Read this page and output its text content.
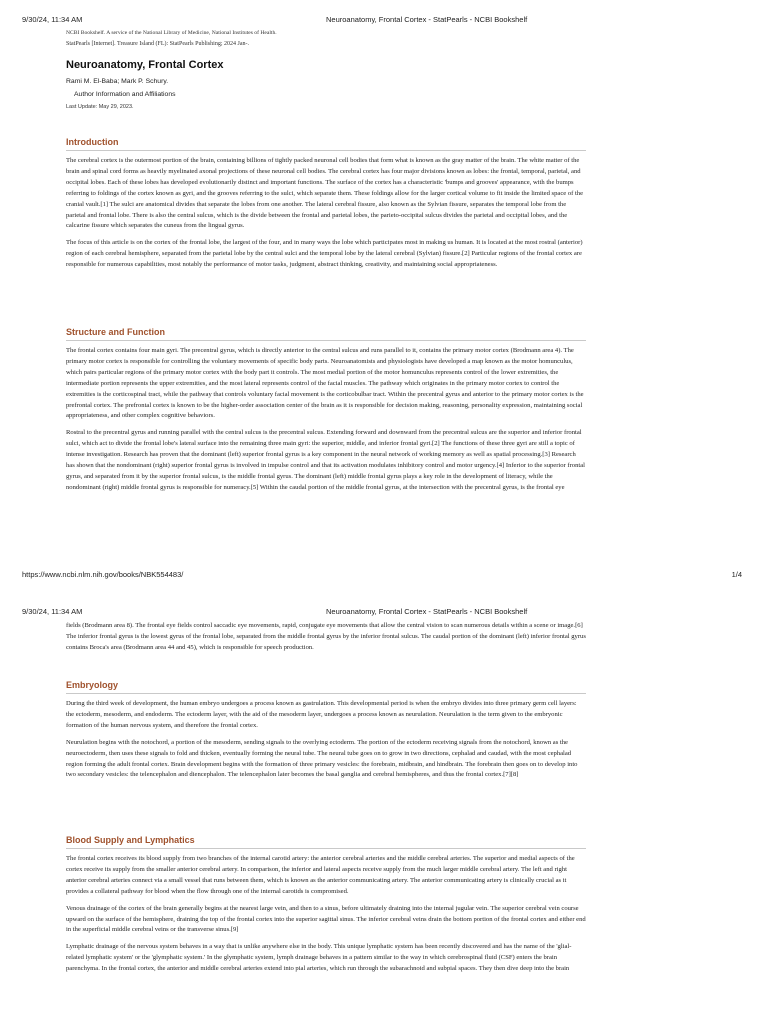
9/30/24, 11:34 AM	Neuroanatomy, Frontal Cortex - StatPearls - NCBI Bookshelf

NCBI Bookshelf. A service of the National Library of Medicine, National Institutes of Health.

StatPearls [Internet]. Treasure Island (FL): StatPearls Publishing; 2024 Jan-.

Neuroanatomy, Frontal Cortex

Rami M. El-Baba; Mark P. Schury.

Author Information and Affiliations

Last Update: May 29, 2023.

Introduction

The cerebral cortex is the outermost portion of the brain, containing billions of tightly packed neuronal cell bodies that form what is known as the gray matter of the brain. The white matter of the brain and spinal cord forms as heavily myelinated axonal projections of these neuronal cell bodies. The cerebral cortex has four major divisions known as lobes: the frontal, temporal, parietal, and occipital lobes. Each of these lobes has developed evolutionarily distinct and important functions. The surface of the cortex has a characteristic 'bumps and grooves' appearance, with the bumps referring to foldings of the cortex known as gyri, and the grooves referring to the sulci, which separate them. These foldings allow for the larger cortical volume to fit inside the limited space of the cranial vault.[1] The sulci are anatomical divides that separate the lobes from one another. The lateral cerebral fissure, also known as the Sylvian fissure, separates the temporal lobe from the parietal and frontal lobe. There is also the central sulcus, which is the divide between the frontal and parietal lobes, the parieto-occipital sulcus divides the parietal and occipital lobes, and the calcarine fissure which separates the cuneus from the lingual gyrus.

The focus of this article is on the cortex of the frontal lobe, the largest of the four, and in many ways the lobe which participates most in making us human. It is located at the most rostral (anterior) region of each cerebral hemisphere, separated from the parietal lobe by the central sulci and the temporal lobe by the lateral cerebral (Sylvian) fissure.[2] Particular regions of the frontal cortex are responsible for numerous capabilities, most notably the performance of motor tasks, judgment, abstract thinking, creativity, and maintaining social appropriateness.

Structure and Function

The frontal cortex contains four main gyri. The precentral gyrus, which is directly anterior to the central sulcus and runs parallel to it, contains the primary motor cortex (Brodmann area 4). The primary motor cortex is responsible for controlling the voluntary movements of specific body parts. Neuroanatomists and physiologists have developed a map known as the motor homunculus, which pairs particular regions of the primary motor cortex with the body part it controls. The most medial portion of the motor homunculus represents control of the lower extremities, the intermediate portion represents the upper extremities, and the most lateral represents control of the facial muscles. The pathway which originates in the primary motor cortex to control the extremities is the corticospinal tract, while the pathway that controls voluntary facial movement is the corticobulbar tract. Within the precentral gyrus and anterior to the primary motor cortex is the prefrontal cortex. The prefrontal cortex is known to be the higher-order association center of the brain as it is responsible for decision making, reasoning, personality expression, maintaining social appropriateness, and other complex cognitive behaviors.

Rostral to the precentral gyrus and running parallel with the central sulcus is the precentral sulcus. Extending forward and downward from the precentral sulcus are the superior and inferior frontal sulci, which act to divide the frontal lobe's lateral surface into the remaining three main gyri: the superior, middle, and inferior frontal gyri.[2] The functions of these three gyri are still a topic of intense investigation. Research has proven that the dominant (left) superior frontal gyrus is a key component in the neural network of working memory as well as spatial processing.[3] Research has shown that the nondominant (right) superior frontal gyrus is involved in impulse control and that its activation modulates inhibitory control and motor urgency.[4] Inferior to the superior frontal gyrus, and separated from it by the superior frontal sulcus, is the middle frontal gyrus. The dominant (left) middle frontal gyrus plays a key role in the development of literacy, while the nondominant (right) middle frontal gyrus is responsible for numeracy.[5] Within the caudal portion of the middle frontal gyrus, at the intersection with the precentral gyrus, is the frontal eye

https://www.ncbi.nlm.nih.gov/books/NBK554483/	1/4
9/30/24, 11:34 AM	Neuroanatomy, Frontal Cortex - StatPearls - NCBI Bookshelf

fields (Brodmann area 8). The frontal eye fields control saccadic eye movements, rapid, conjugate eye movements that allow the central vision to scan numerous details within a scene or image.[6] The inferior frontal gyrus is the lowest gyrus of the frontal lobe, separated from the middle frontal gyrus by the inferior frontal sulcus. The caudal portion of the dominant (left) inferior frontal gyrus contains Broca's area (Brodmann area 44 and 45), which is responsible for speech production.

Embryology

During the third week of development, the human embryo undergoes a process known as gastrulation. This developmental period is when the embryo divides into three primary germ cell layers: the ectoderm, mesoderm, and endoderm. The ectoderm layer, with the aid of the mesoderm layer, undergoes a process known as neurulation. Neurulation is the term given to the embryonic formation of the human nervous system, and therefore the frontal cortex.

Neurulation begins with the notochord, a portion of the mesoderm, sending signals to the overlying ectoderm. The portion of the ectoderm receiving signals from the notochord, known as the neuroectoderm, then uses these signals to fold and thicken, eventually forming the neural tube. The neural tube goes on to grow in two directions, cephalad and caudad, with the most cephalad region forming the adult frontal cortex. Brain development begins with the formation of three primary vesicles: the forebrain, midbrain, and hindbrain. The forebrain then goes on to develop into two secondary vesicles: the telencephalon and diencephalon. The telencephalon later becomes the basal ganglia and cerebral hemispheres, and thus the frontal cortex.[7][8]

Blood Supply and Lymphatics

The frontal cortex receives its blood supply from two branches of the internal carotid artery: the anterior cerebral arteries and the middle cerebral arteries. The superior and medial aspects of the cortex receive its supply from the smaller anterior cerebral artery. In comparison, the inferior and lateral aspects receive supply from the much larger middle cerebral artery. The left and right anterior cerebral arteries connect via a small vessel that runs between them, which is known as the anterior communicating artery. The anterior communicating artery is clinically crucial as it provides a collateral pathway for blood when the flow through one of the internal carotids is compromised.

Venous drainage of the cortex of the brain generally begins at the nearest large vein, and then to a sinus, before ultimately draining into the internal jugular vein. The superior cerebral vein course upward on the surface of the hemisphere, draining the top of the frontal cortex into the superior sagittal sinus. The inferior cerebral veins drain the bottom portion of the frontal cortex and either end in the superficial middle cerebral veins or the transverse sinus.[9]

Lymphatic drainage of the nervous system behaves in a way that is unlike anywhere else in the body. This unique lymphatic system has been recently discovered and has the name of the 'glial-related lymphatic system' or the 'glymphatic system.' In the glymphatic system, lymph drainage behaves in a pattern similar to the way in which cerebrospinal fluid (CSF) enters the brain parenchyma. In the frontal cortex, the anterior and middle cerebral arteries extend into pial arteries, which run through the subarachnoid and subpial spaces. They then dive deep into the brain
